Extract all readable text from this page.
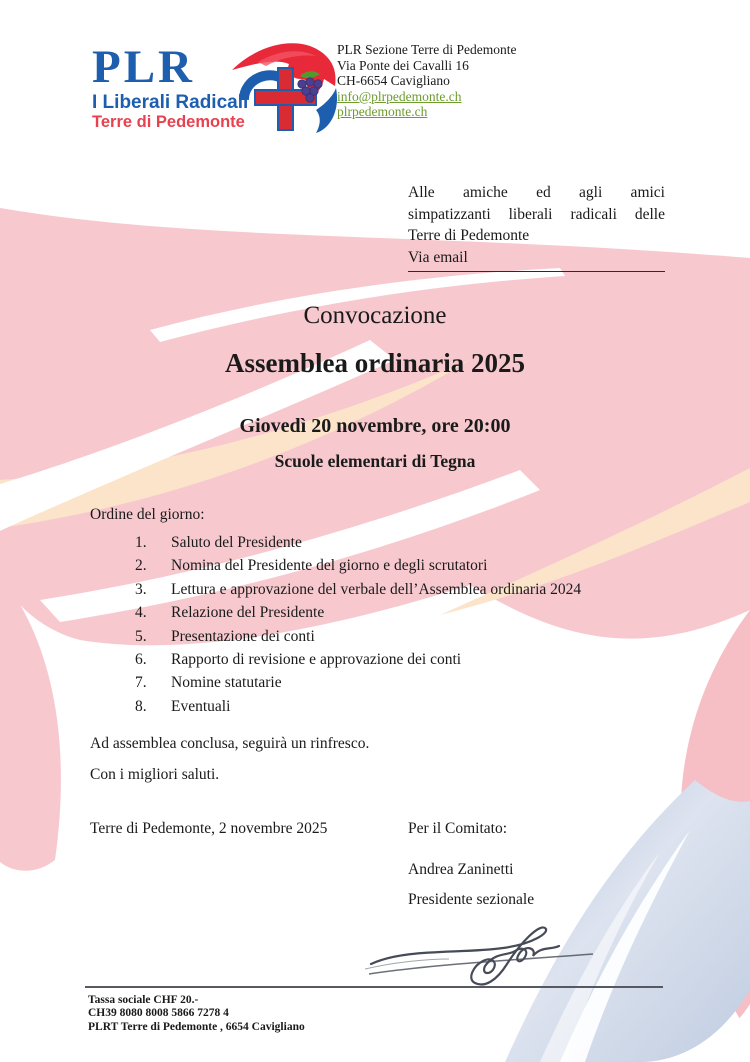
PLR
I Liberali Radicali
Terre di Pedemonte
PLR Sezione Terre di Pedemonte
Via Ponte dei Cavalli 16
CH-6654 Cavigliano
info@plrpedemonte.ch
plrpedemonte.ch
Alle amiche ed agli amici
simpatizzanti liberali radicali delle
Terre di Pedemonte
Via email
Convocazione
Assemblea ordinaria 2025
Giovedì 20 novembre, ore 20:00
Scuole elementari di Tegna
Ordine del giorno:
1.	Saluto del Presidente
2.	Nomina del Presidente del giorno e degli scrutatori
3.	Lettura e approvazione del verbale dell’Assemblea ordinaria 2024
4.	Relazione del Presidente
5.	Presentazione dei conti
6.	Rapporto di revisione e approvazione dei conti
7.	Nomine statutarie
8.	Eventuali
Ad assemblea conclusa, seguirà un rinfresco.
Con i migliori saluti.
Terre di Pedemonte, 2 novembre 2025	Per il Comitato:
Andrea Zaninetti
Presidente sezionale
Tassa sociale CHF 20.-
CH39 8080 8008 5866 7278 4
PLRT Terre di Pedemonte , 6654 Cavigliano
